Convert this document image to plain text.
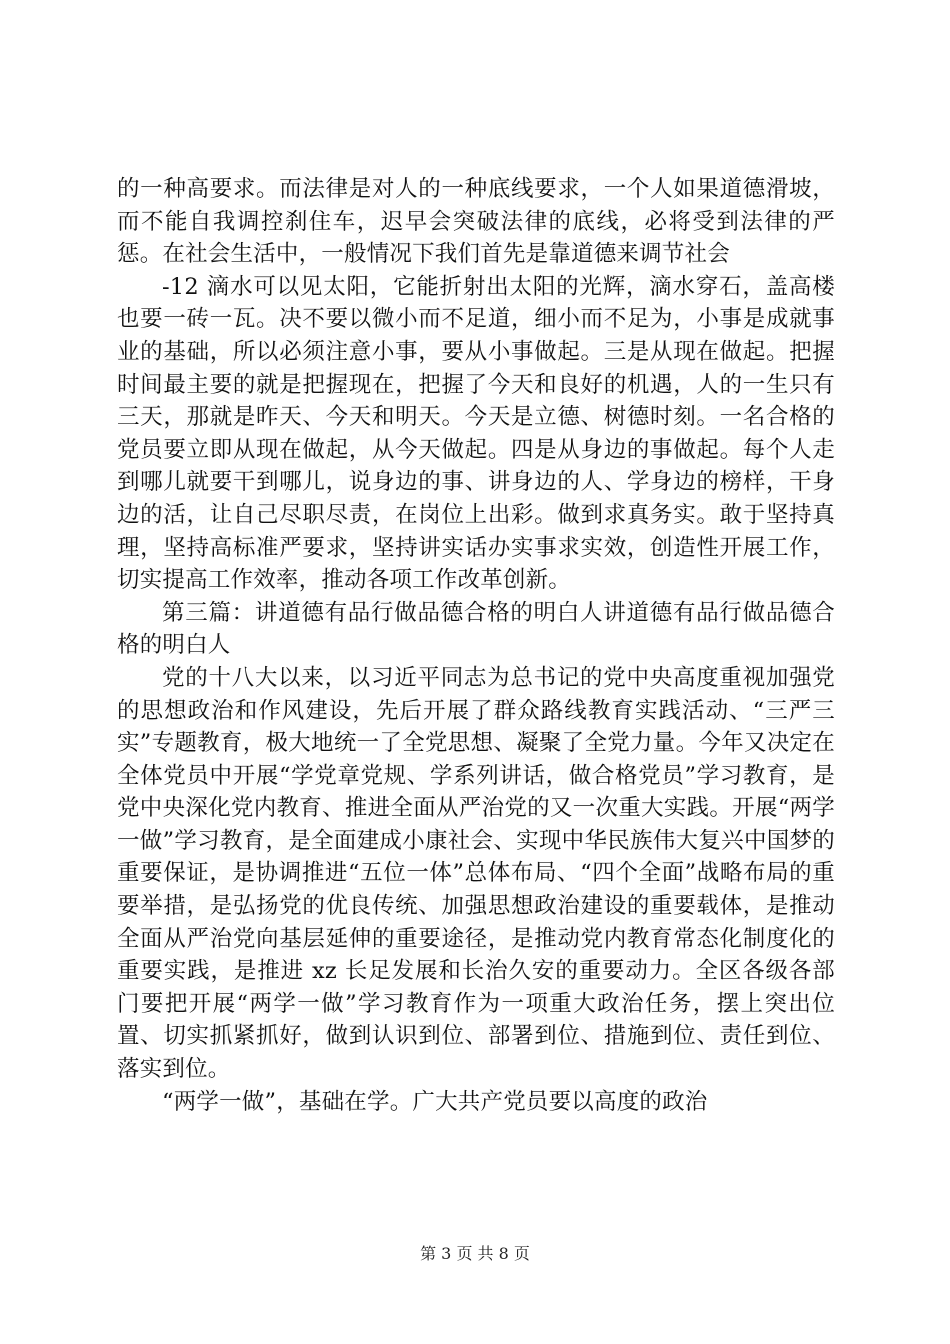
的一种高要求。而法律是对人的一种底线要求，一个人如果道德滑坡，而不能自我调控刹住车，迟早会突破法律的底线，必将受到法律的严惩。在社会生活中，一般情况下我们首先是靠道德来调节社会

-12 滴水可以见太阳，它能折射出太阳的光辉，滴水穿石，盖高楼也要一砖一瓦。决不要以微小而不足道，细小而不足为，小事是成就事业的基础，所以必须注意小事，要从小事做起。三是从现在做起。把握时间最主要的就是把握现在，把握了今天和良好的机遇，人的一生只有三天，那就是昨天、今天和明天。今天是立德、树德时刻。一名合格的党员要立即从现在做起，从今天做起。四是从身边的事做起。每个人走到哪儿就要干到哪儿，说身边的事、讲身边的人、学身边的榜样，干身边的活，让自己尽职尽责，在岗位上出彩。做到求真务实。敢于坚持真理，坚持高标准严要求，坚持讲实话办实事求实效，创造性开展工作，切实提高工作效率，推动各项工作改革创新。

第三篇：讲道德有品行做品德合格的明白人讲道德有品行做品德合格的明白人

党的十八大以来，以习近平同志为总书记的党中央高度重视加强党的思想政治和作风建设，先后开展了群众路线教育实践活动、“三严三实”专题教育，极大地统一了全党思想、凝聚了全党力量。今年又决定在全体党员中开展“学党章党规、学系列讲话，做合格党员”学习教育，是党中央深化党内教育、推进全面从严治党的又一次重大实践。开展“两学一做”学习教育，是全面建成小康社会、实现中华民族伟大复兴中国梦的重要保证，是协调推进“五位一体”总体布局、“四个全面”战略布局的重要举措，是弘扬党的优良传统、加强思想政治建设的重要载体，是推动全面从严治党向基层延伸的重要途径，是推动党内教育常态化制度化的重要实践，是推进 xz 长足发展和长治久安的重要动力。全区各级各部门要把开展“两学一做”学习教育作为一项重大政治任务，摆上突出位置、切实抓紧抓好，做到认识到位、部署到位、措施到位、责任到位、落实到位。

“两学一做”，基础在学。广大共产党员要以高度的政治

第 3 页 共 8 页
